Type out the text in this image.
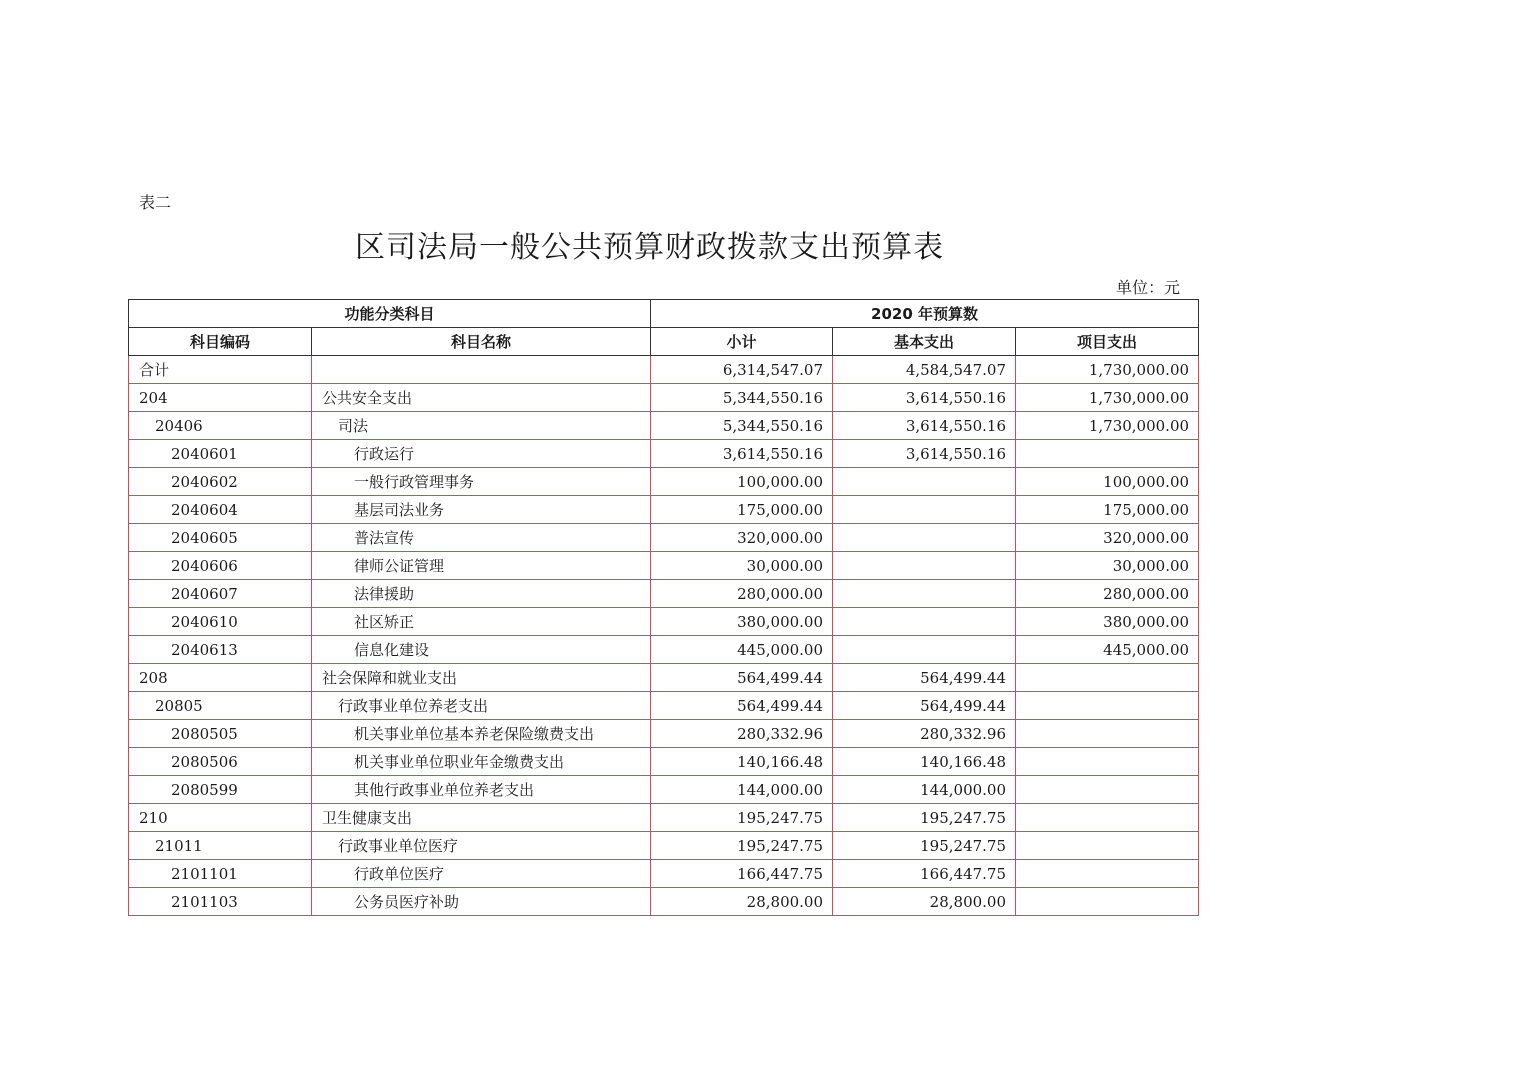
表二
区司法局一般公共预算财政拨款支出预算表
单位：元
功能分类科目		2020 年预算数		
科目编码	科目名称	小计	基本支出	项目支出
合计		6,314,547.07	4,584,547.07	1,730,000.00
204	公共安全支出	5,344,550.16	3,614,550.16	1,730,000.00
20406	司法	5,344,550.16	3,614,550.16	1,730,000.00
2040601	行政运行	3,614,550.16	3,614,550.16	
2040602	一般行政管理事务	100,000.00		100,000.00
2040604	基层司法业务	175,000.00		175,000.00
2040605	普法宣传	320,000.00		320,000.00
2040606	律师公证管理	30,000.00		30,000.00
2040607	法律援助	280,000.00		280,000.00
2040610	社区矫正	380,000.00		380,000.00
2040613	信息化建设	445,000.00		445,000.00
208	社会保障和就业支出	564,499.44	564,499.44	
20805	行政事业单位养老支出	564,499.44	564,499.44	
2080505	机关事业单位基本养老保险缴费支出	280,332.96	280,332.96	
2080506	机关事业单位职业年金缴费支出	140,166.48	140,166.48	
2080599	其他行政事业单位养老支出	144,000.00	144,000.00	
210	卫生健康支出	195,247.75	195,247.75	
21011	行政事业单位医疗	195,247.75	195,247.75	
2101101	行政单位医疗	166,447.75	166,447.75	
2101103	公务员医疗补助	28,800.00	28,800.00	
